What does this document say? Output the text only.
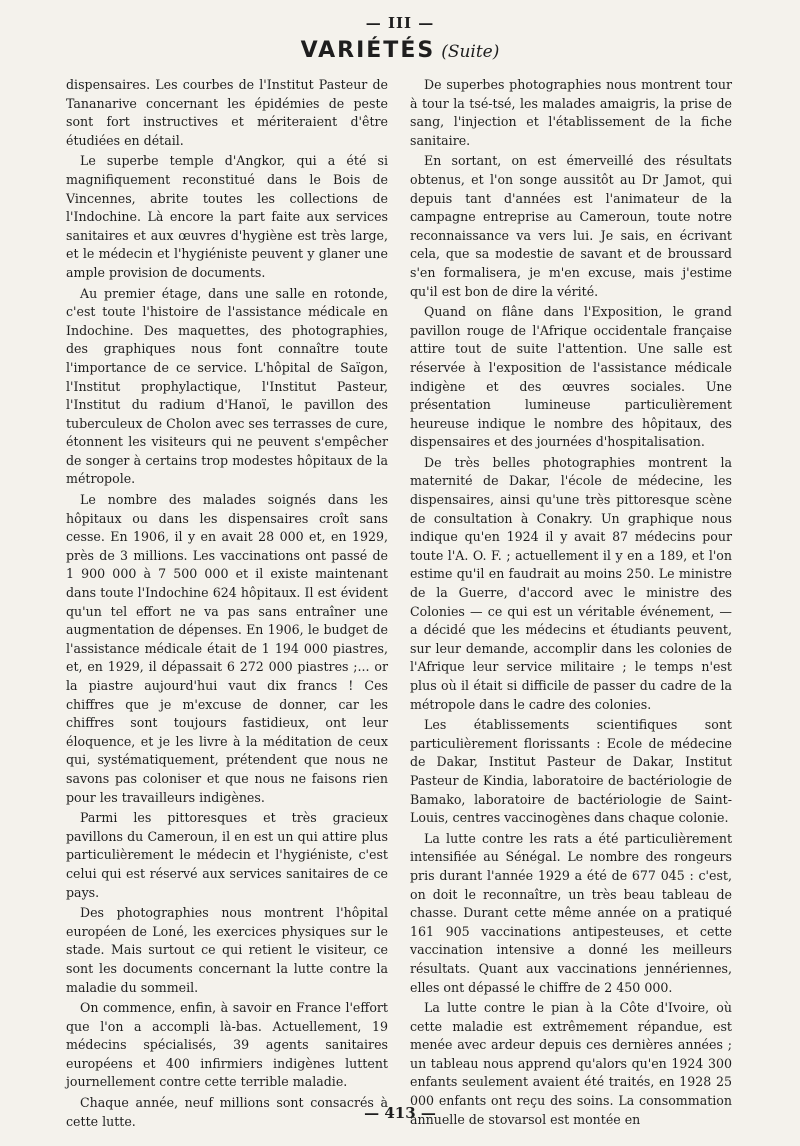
— III —
VARIÉTÉS (Suite)

dispensaires. Les courbes de l'Institut Pasteur de Tananarive concernant les épidémies de peste sont fort instructives et mériteraient d'être étudiées en détail.

Le superbe temple d'Angkor, qui a été si magnifiquement reconstitué dans le Bois de Vincennes, abrite toutes les collections de l'Indochine. Là encore la part faite aux services sanitaires et aux œuvres d'hygiène est très large, et le médecin et l'hygiéniste peuvent y glaner une ample provision de documents.

Au premier étage, dans une salle en rotonde, c'est toute l'histoire de l'assistance médicale en Indochine. Des maquettes, des photographies, des graphiques nous font connaître toute l'importance de ce service. L'hôpital de Saïgon, l'Institut prophylactique, l'Institut Pasteur, l'Institut du radium d'Hanoï, le pavillon des tuberculeux de Cholon avec ses terrasses de cure, étonnent les visiteurs qui ne peuvent s'empêcher de songer à certains trop modestes hôpitaux de la métropole.

Le nombre des malades soignés dans les hôpitaux ou dans les dispensaires croît sans cesse. En 1906, il y en avait 28 000 et, en 1929, près de 3 millions. Les vaccinations ont passé de 1 900 000 à 7 500 000 et il existe maintenant dans toute l'Indochine 624 hôpitaux. Il est évident qu'un tel effort ne va pas sans entraîner une augmentation de dépenses. En 1906, le budget de l'assistance médicale était de 1 194 000 piastres, et, en 1929, il dépassait 6 272 000 piastres ;... or la piastre aujourd'hui vaut dix francs ! Ces chiffres que je m'excuse de donner, car les chiffres sont toujours fastidieux, ont leur éloquence, et je les livre à la méditation de ceux qui, systématiquement, prétendent que nous ne savons pas coloniser et que nous ne faisons rien pour les travailleurs indigènes.

Parmi les pittoresques et très gracieux pavillons du Cameroun, il en est un qui attire plus particulièrement le médecin et l'hygiéniste, c'est celui qui est réservé aux services sanitaires de ce pays.

Des photographies nous montrent l'hôpital européen de Loné, les exercices physiques sur le stade. Mais surtout ce qui retient le visiteur, ce sont les documents concernant la lutte contre la maladie du sommeil.

On commence, enfin, à savoir en France l'effort que l'on a accompli là-bas. Actuellement, 19 médecins spécialisés, 39 agents sanitaires européens et 400 infirmiers indigènes luttent journellement contre cette terrible maladie.

Chaque année, neuf millions sont consacrés à cette lutte.

De superbes photographies nous montrent tour à tour la tsé-tsé, les malades amaigris, la prise de sang, l'injection et l'établissement de la fiche sanitaire.

En sortant, on est émerveillé des résultats obtenus, et l'on songe aussitôt au Dr Jamot, qui depuis tant d'années est l'animateur de la campagne entreprise au Cameroun, toute notre reconnaissance va vers lui. Je sais, en écrivant cela, que sa modestie de savant et de broussard s'en formalisera, je m'en excuse, mais j'estime qu'il est bon de dire la vérité.

Quand on flâne dans l'Exposition, le grand pavillon rouge de l'Afrique occidentale française attire tout de suite l'attention. Une salle est réservée à l'exposition de l'assistance médicale indigène et des œuvres sociales. Une présentation lumineuse particulièrement heureuse indique le nombre des hôpitaux, des dispensaires et des journées d'hospitalisation.

De très belles photographies montrent la maternité de Dakar, l'école de médecine, les dispensaires, ainsi qu'une très pittoresque scène de consultation à Conakry. Un graphique nous indique qu'en 1924 il y avait 87 médecins pour toute l'A. O. F. ; actuellement il y en a 189, et l'on estime qu'il en faudrait au moins 250. Le ministre de la Guerre, d'accord avec le ministre des Colonies — ce qui est un véritable événement, — a décidé que les médecins et étudiants peuvent, sur leur demande, accomplir dans les colonies de l'Afrique leur service militaire ; le temps n'est plus où il était si difficile de passer du cadre de la métropole dans le cadre des colonies.

Les établissements scientifiques sont particulièrement florissants : Ecole de médecine de Dakar, Institut Pasteur de Dakar, Institut Pasteur de Kindia, laboratoire de bactériologie de Bamako, laboratoire de bactériologie de Saint-Louis, centres vaccinogènes dans chaque colonie.

La lutte contre les rats a été particulièrement intensifiée au Sénégal. Le nombre des rongeurs pris durant l'année 1929 a été de 677 045 : c'est, on doit le reconnaître, un très beau tableau de chasse. Durant cette même année on a pratiqué 161 905 vaccinations antipesteuses, et cette vaccination intensive a donné les meilleurs résultats. Quant aux vaccinations jennériennes, elles ont dépassé le chiffre de 2 450 000.

La lutte contre le pian à la Côte d'Ivoire, où cette maladie est extrêmement répandue, est menée avec ardeur depuis ces dernières années ; un tableau nous apprend qu'alors qu'en 1924 300 enfants seulement avaient été traités, en 1928 25 000 enfants ont reçu des soins. La consommation annuelle de stovarsol est montée en

— 413 —
